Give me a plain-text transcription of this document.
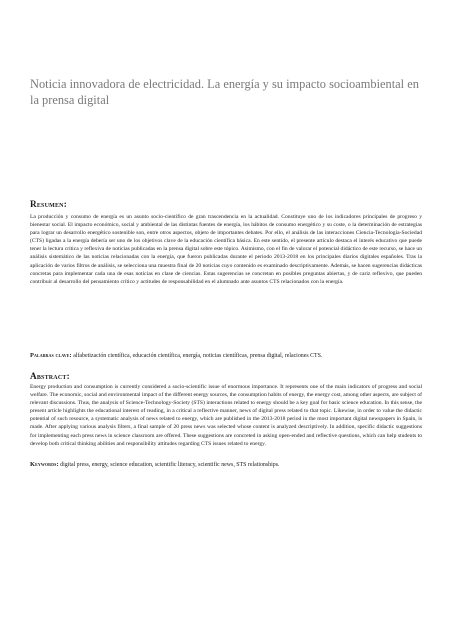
Noticia innovadora de electricidad. La energía y su impacto socioambiental en la prensa digital
Resumen:

La producción y consumo de energía es un asunto socio-científico de gran trascendencia en la actualidad. Constituye uno de los indicadores principales de progreso y bienestar social. El impacto económico, social y ambiental de las distintas fuentes de energía, los hábitos de consumo energético y su coste, o la determinación de estrategias para lograr un desarrollo energético sostenible son, entre otros aspectos, objeto de importantes debates. Por ello, el análisis de las interacciones Ciencia-Tecnología-Sociedad (CTS) ligadas a la energía debería ser uno de los objetivos clave de la educación científica básica. En este sentido, el presente artículo destaca el interés educativo que puede tener la lectura crítica y reflexiva de noticias publicadas en la prensa digital sobre este tópico. Asimismo, con el fin de valorar el potencial didáctico de este recurso, se hace un análisis sistemático de las noticias relacionadas con la energía, que fueron publicadas durante el periodo 2013-2018 en los principales diarios digitales españoles. Tras la aplicación de varios filtros de análisis, se selecciona una muestra final de 20 noticias cuyo contenido es examinado descriptivamente. Además, se hacen sugerencias didácticas concretas para implementar cada una de esas noticias en clase de ciencias. Estas sugerencias se concretan en posibles preguntas abiertas, y de cariz reflexivo, que pueden contribuir al desarrollo del pensamiento crítico y actitudes de responsabilidad en el alumnado ante asuntos CTS relacionados con la energía.

Palabras clave: alfabetización científica, educación científica, energía, noticias científicas, prensa digital, relaciones CTS.

Abstract:

Energy production and consumption is currently considered a socio-scientific issue of enormous importance. It represents one of the main indicators of progress and social welfare. The economic, social and environmental impact of the different energy sources, the consumption habits of energy, the energy cost, among other aspects, are subject of relevant discussions. Thus, the analysis of Science-Technology-Society (STS) interactions related to energy should be a key goal for basic science education. In this sense, the present article highlights the educational interest of reading, in a critical a reflective manner, news of digital press related to that topic. Likewise, in order to value the didactic potential of such resource, a systematic analysis of news related to energy, which are published in the 2013-2018 period in the most important digital newspapers in Spain, is made. After applying various analysis filters, a final sample of 20 press news was selected whose content is analyzed descriptively. In addition, specific didactic suggestions for implementing each press news in science classroom are offered. These suggestions are concreted in asking open-ended and reflective questions, which can help students to develop both critical thinking abilities and responsibility attitudes regarding CTS issues related to energy.

Keywords: digital press, energy, science education, scientific literacy, scientific news, STS relationships.
